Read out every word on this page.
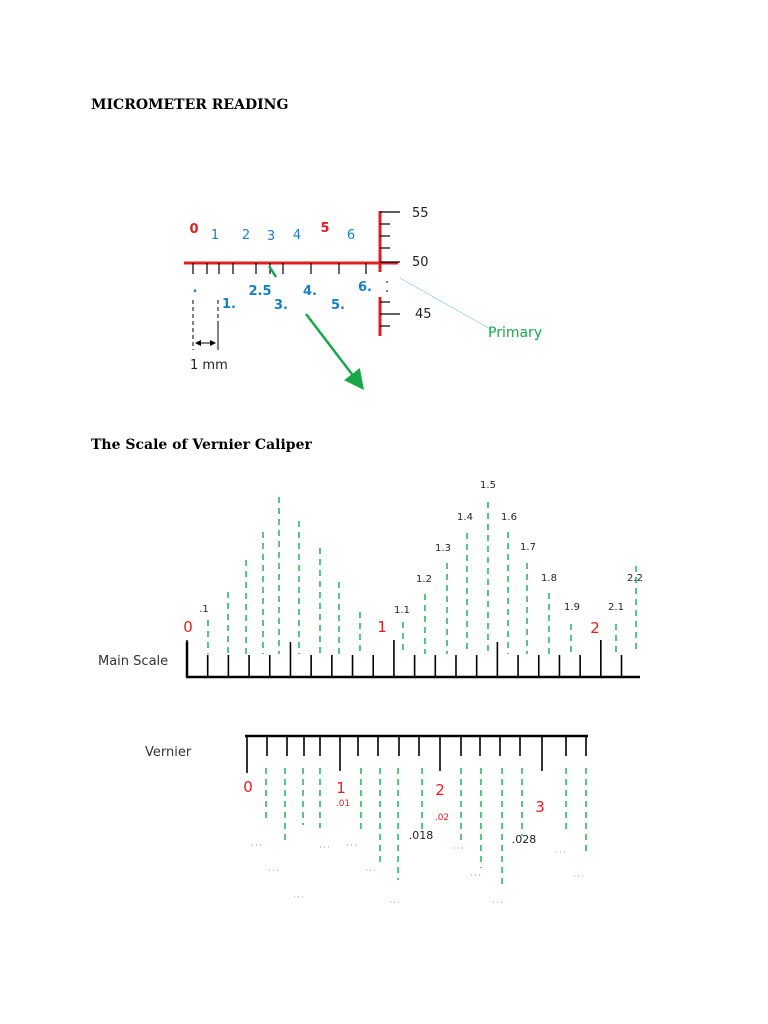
MICROMETER READING
The Scale of Vernier Caliper
0 1 2 3 4 5 6
.
1.
2.5
3.
4.
5.
6.
55
50
45
Primary
1 mm
Main Scale
0	1	2
.1	1.1
1.2
1.3
1.4
1.5
1.6
1.7
1.8
1.9	2.1
2.2
Vernier
0	1	2
3
.01
.02
.018	.028
